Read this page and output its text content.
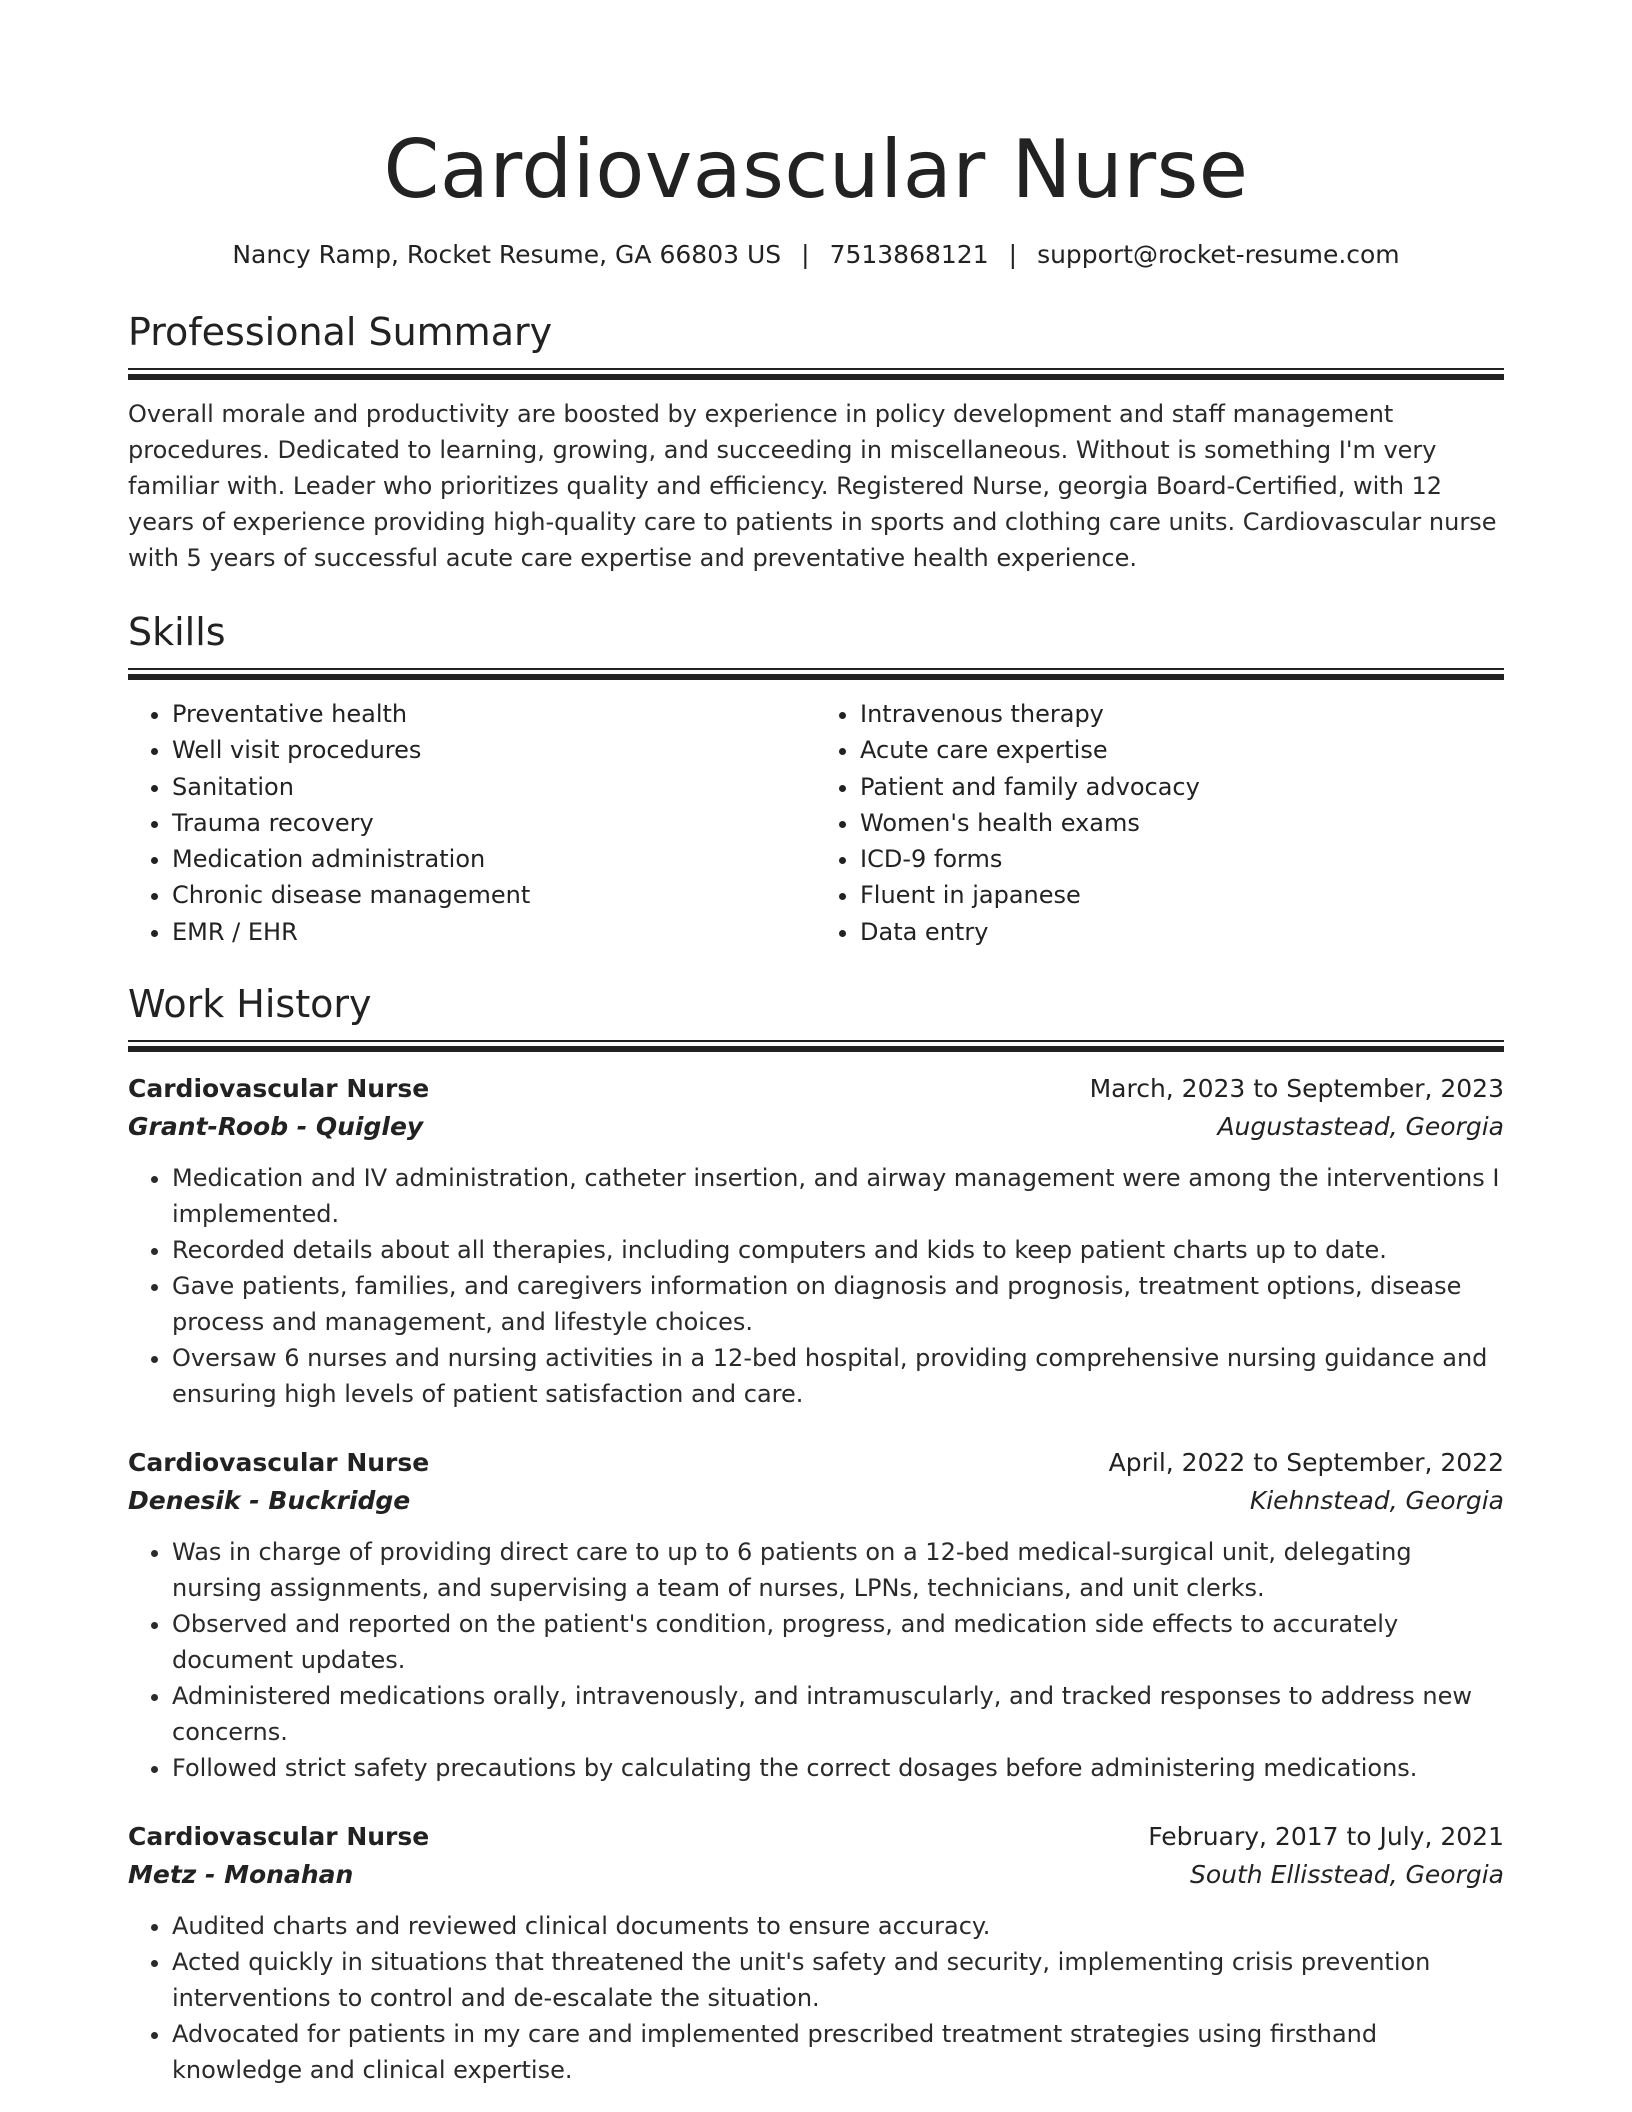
Cardiovascular Nurse
Nancy Ramp, Rocket Resume, GA 66803 US | 7513868121 | support@rocket-resume.com
Professional Summary

Overall morale and productivity are boosted by experience in policy development and staff management procedures. Dedicated to learning, growing, and succeeding in miscellaneous. Without is something I'm very familiar with. Leader who prioritizes quality and efficiency. Registered Nurse, georgia Board-Certified, with 12 years of experience providing high-quality care to patients in sports and clothing care units. Cardiovascular nurse with 5 years of successful acute care expertise and preventative health experience.

Skills
• Preventative health
• Well visit procedures
• Sanitation
• Trauma recovery
• Medication administration
• Chronic disease management
• EMR / EHR
• Intravenous therapy
• Acute care expertise
• Patient and family advocacy
• Women's health exams
• ICD-9 forms
• Fluent in japanese
• Data entry
Work History
Cardiovascular Nurse	March, 2023 to September, 2023
Grant-Roob - Quigley	Augustastead, Georgia
• Medication and IV administration, catheter insertion, and airway management were among the interventions I implemented.
• Recorded details about all therapies, including computers and kids to keep patient charts up to date.
• Gave patients, families, and caregivers information on diagnosis and prognosis, treatment options, disease process and management, and lifestyle choices.
• Oversaw 6 nurses and nursing activities in a 12-bed hospital, providing comprehensive nursing guidance and ensuring high levels of patient satisfaction and care.
Cardiovascular Nurse	April, 2022 to September, 2022
Denesik - Buckridge	Kiehnstead, Georgia
• Was in charge of providing direct care to up to 6 patients on a 12-bed medical-surgical unit, delegating nursing assignments, and supervising a team of nurses, LPNs, technicians, and unit clerks.
• Observed and reported on the patient's condition, progress, and medication side effects to accurately document updates.
• Administered medications orally, intravenously, and intramuscularly, and tracked responses to address new concerns.
• Followed strict safety precautions by calculating the correct dosages before administering medications.
Cardiovascular Nurse	February, 2017 to July, 2021
Metz - Monahan	South Ellisstead, Georgia
• Audited charts and reviewed clinical documents to ensure accuracy.
• Acted quickly in situations that threatened the unit's safety and security, implementing crisis prevention interventions to control and de-escalate the situation.
• Advocated for patients in my care and implemented prescribed treatment strategies using firsthand knowledge and clinical expertise.
